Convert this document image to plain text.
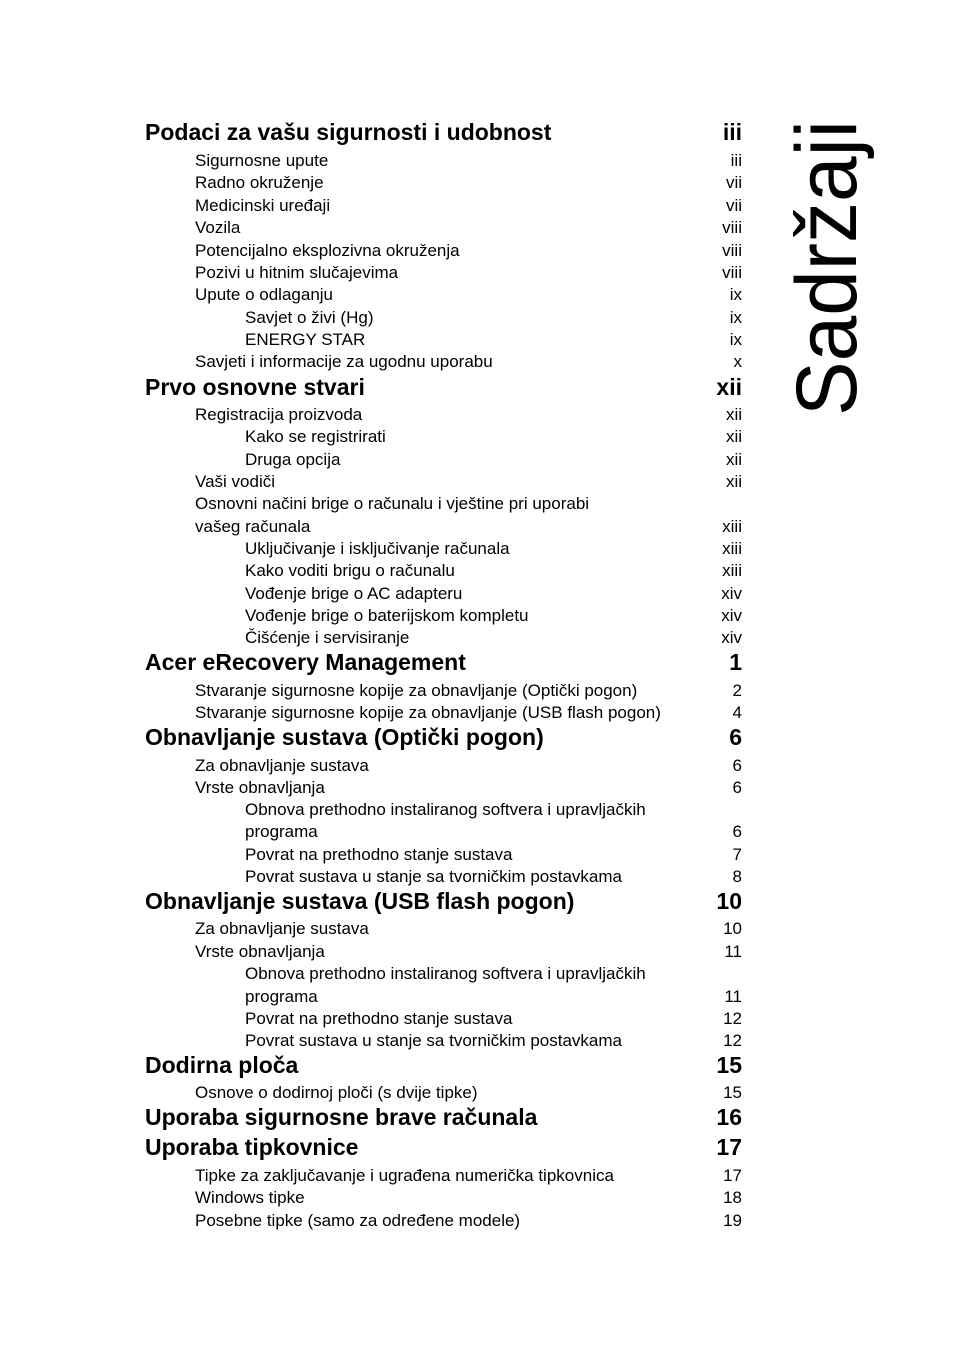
Podaci za vašu sigurnosti i udobnost	iii
Sigurnosne upute	iii
Radno okruženje	vii
Medicinski uređaji	vii
Vozila	viii
Potencijalno eksplozivna okruženja	viii
Pozivi u hitnim slučajevima	viii
Upute o odlaganju	ix
Savjet o živi (Hg)	ix
ENERGY STAR	ix
Savjeti i informacije za ugodnu uporabu	x
Prvo osnovne stvari	xii
Registracija proizvoda	xii
Kako se registrirati	xii
Druga opcija	xii
Vaši vodiči	xii
Osnovni načini brige o računalu i vještine pri uporabi
vašeg računala	xiii
Uključivanje i isključivanje računala	xiii
Kako voditi brigu o računalu	xiii
Vođenje brige o AC adapteru	xiv
Vođenje brige o baterijskom kompletu	xiv
Čišćenje i servisiranje	xiv
Acer eRecovery Management	1
Stvaranje sigurnosne kopije za obnavljanje (Optički pogon)	2
Stvaranje sigurnosne kopije za obnavljanje (USB flash pogon)	4
Obnavljanje sustava (Optički pogon)	6
Za obnavljanje sustava	6
Vrste obnavljanja	6
Obnova prethodno instaliranog softvera i upravljačkih
programa	6
Povrat na prethodno stanje sustava	7
Povrat sustava u stanje sa tvorničkim postavkama	8
Obnavljanje sustava (USB flash pogon)	10
Za obnavljanje sustava	10
Vrste obnavljanja	11
Obnova prethodno instaliranog softvera i upravljačkih
programa	11
Povrat na prethodno stanje sustava	12
Povrat sustava u stanje sa tvorničkim postavkama	12
Dodirna ploča	15
Osnove o dodirnoj ploči (s dvije tipke)	15
Uporaba sigurnosne brave računala	16
Uporaba tipkovnice	17
Tipke za zaključavanje i ugrađena numerička tipkovnica	17
Windows tipke	18
Posebne tipke (samo za određene modele)	19
Sadržaji
